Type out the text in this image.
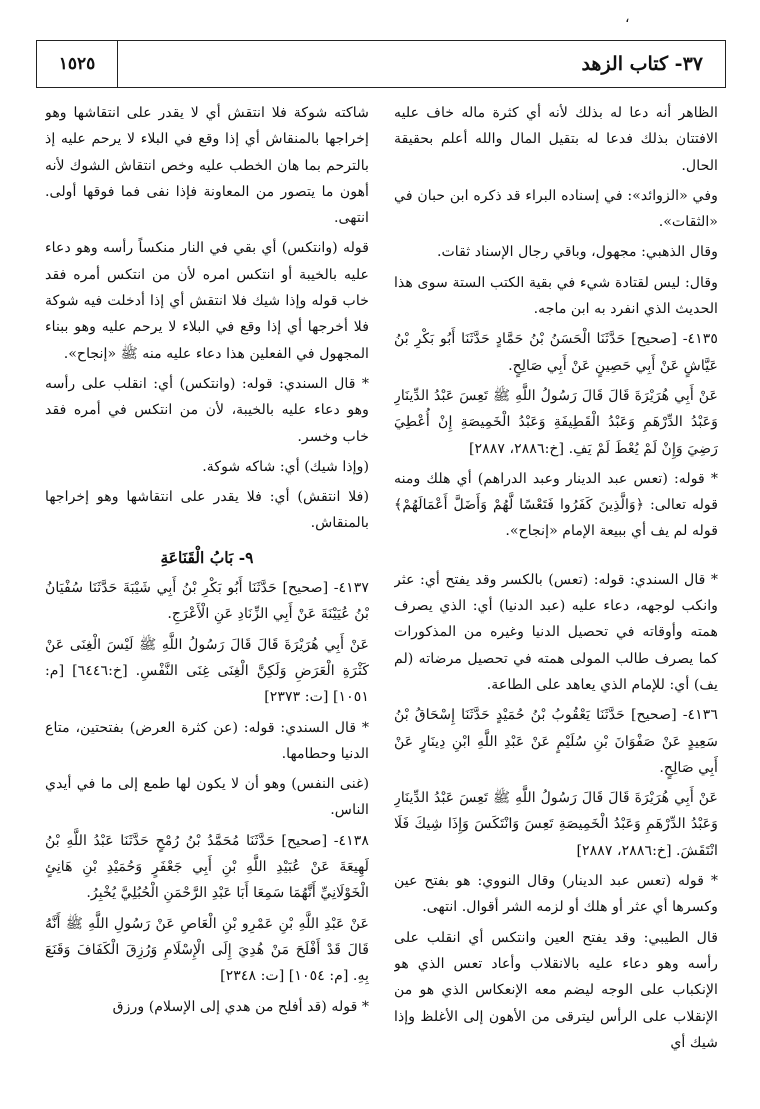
،
١٥٢٥	٣٧- كتاب الزهد

الظاهر أنه دعا له بذلك لأنه أي كثرة ماله خاف عليه الافتتان بذلك فدعا له بتقيل المال والله أعلم بحقيقة الحال.

وفي «الزوائد»: في إسناده البراء قد ذكره ابن حبان في «الثقات».

وقال الذهبي: مجهول، وباقي رجال الإسناد ثقات.

وقال: ليس لقتادة شيء في بقية الكتب الستة سوى هذا الحديث الذي انفرد به ابن ماجه.

٤١٣٥- [صحيح] حَدَّثَنَا الْحَسَنُ بْنُ حَمَّادٍ حَدَّثَنَا أَبُو بَكْرِ بْنُ عَيَّاشٍ عَنْ أَبِي حَصِينٍ عَنْ أَبِي صَالِحٍ.

عَنْ أَبِي هُرَيْرَةَ قَالَ قَالَ رَسُولُ اللَّهِ ﷺ تَعِسَ عَبْدُ الدِّينَارِ وَعَبْدُ الدِّرْهَمِ وَعَبْدُ الْقَطِيفَةِ وَعَبْدُ الْخَمِيصَةِ إِنْ أُعْطِيَ رَضِيَ وَإِنْ لَمْ يُعْطَ لَمْ يَفِ. [خ:٢٨٨٦، ٢٨٨٧]

* قوله: (تعس عبد الدينار وعبد الدراهم) أي هلك ومنه قوله تعالى: ﴿وَالَّذِينَ كَفَرُوا فَتَعْسًا لَّهُمْ وَأَضَلَّ أَعْمَالَهُمْ﴾ قوله لم يف أي ببيعة الإمام «إنجاح».

* قال السندي: قوله: (تعس) بالكسر وقد يفتح أي: عثر وانكب لوجهه، دعاء عليه (عبد الدنيا) أي: الذي يصرف همته وأوقاته في تحصيل الدنيا وغيره من المذكورات كما يصرف طالب المولى همته في تحصيل مرضاته (لم يف) أي: للإمام الذي يعاهد على الطاعة.

٤١٣٦- [صحيح] حَدَّثَنَا يَعْقُوبُ بْنُ حُمَيْدٍ حَدَّثَنَا إِسْحَاقُ بْنُ سَعِيدٍ عَنْ صَفْوَانَ بْنِ سُلَيْمٍ عَنْ عَبْدِ اللَّهِ ابْنِ دِينَارٍ عَنْ أَبِي صَالِحٍ.

عَنْ أَبِي هُرَيْرَةَ قَالَ قَالَ رَسُولُ اللَّهِ ﷺ تَعِسَ عَبْدُ الدِّينَارِ وَعَبْدُ الدِّرْهَمِ وَعَبْدُ الْخَمِيصَةِ تَعِسَ وَانْتَكَسَ وَإِذَا شِيكَ فَلَا انْتَقَشَ. [خ:٢٨٨٦، ٢٨٨٧]

* قوله (تعس عبد الدينار) وقال النووي: هو بفتح عين وكسرها أي عثر أو هلك أو لزمه الشر أقوال. انتهى.

قال الطيبي: وقد يفتح العين وانتكس أي انقلب على رأسه وهو دعاء عليه بالانقلاب وأعاد تعس الذي هو الإنكباب على الوجه ليضم معه الإنعكاس الذي هو من الإنقلاب على الرأس ليترقى من الأهون إلى الأغلظ وإذا شيك أي

شاكته شوكة فلا انتقش أي لا يقدر على انتقاشها وهو إخراجها بالمنقاش أي إذا وقع في البلاء لا يرحم عليه إذ بالترحم بما هان الخطب عليه وخص انتقاش الشوك لأنه أهون ما يتصور من المعاونة فإذا نفى فما فوقها أولى. انتهى.

قوله (وانتكس) أي بقي في النار منكساً رأسه وهو دعاء عليه بالخيبة أو انتكس امره لأن من انتكس أمره فقد خاب قوله وإذا شيك فلا انتقش أي إذا أدخلت فيه شوكة فلا أخرجها أي إذا وقع في البلاء لا يرحم عليه وهو ببناء المجهول في الفعلين هذا دعاء عليه منه ﷺ «إنجاح».

* قال السندي: قوله: (وانتكس) أي: انقلب على رأسه وهو دعاء عليه بالخيبة، لأن من انتكس في أمره فقد خاب وخسر.

(وإذا شيك) أي: شاكه شوكة.

(فلا انتقش) أي: فلا يقدر على انتقاشها وهو إخراجها بالمنقاش.

٩- بَابُ الْقَنَاعَةِ

٤١٣٧- [صحيح] حَدَّثَنَا أَبُو بَكْرِ بْنُ أَبِي شَيْبَةَ حَدَّثَنَا سُفْيَانُ بْنُ عُيَيْنَةَ عَنْ أَبِي الزِّنَادِ عَنِ الْأَعْرَجِ.

عَنْ أَبِي هُرَيْرَةَ قَالَ قَالَ رَسُولُ اللَّهِ ﷺ لَيْسَ الْغِنَى عَنْ كَثْرَةِ الْعَرَضِ وَلَكِنَّ الْغِنَى غِنَى النَّفْسِ. [خ:٦٤٤٦] [م: ١٠٥١] [ت: ٢٣٧٣]

* قال السندي: قوله: (عن كثرة العرض) بفتحتين، متاع الدنيا وحطامها.

(غنى النفس) وهو أن لا يكون لها طمع إلى ما في أيدي الناس.

٤١٣٨- [صحيح] حَدَّثَنَا مُحَمَّدُ بْنُ رُمْحٍ حَدَّثَنَا عَبْدُ اللَّهِ بْنُ لَهِيعَةَ عَنْ عُبَيْدِ اللَّهِ بْنِ أَبِي جَعْفَرٍ وَحُمَيْدِ بْنِ هَانِئٍ الْخَوْلَانِيِّ أَنَّهُمَا سَمِعَا أَبَا عَبْدِ الرَّحْمَنِ الْحُبُلِيَّ يُخْبِرُ.

عَنْ عَبْدِ اللَّهِ بْنِ عَمْرِو بْنِ الْعَاصِ عَنْ رَسُولِ اللَّهِ ﷺ أَنَّهُ قَالَ قَدْ أَفْلَحَ مَنْ هُدِيَ إِلَى الْإِسْلَامِ وَرُزِقَ الْكَفَافَ وَقَنَعَ بِهِ. [م: ١٠٥٤] [ت: ٢٣٤٨]

* قوله (قد أفلح من هدي إلى الإسلام) ورزق
